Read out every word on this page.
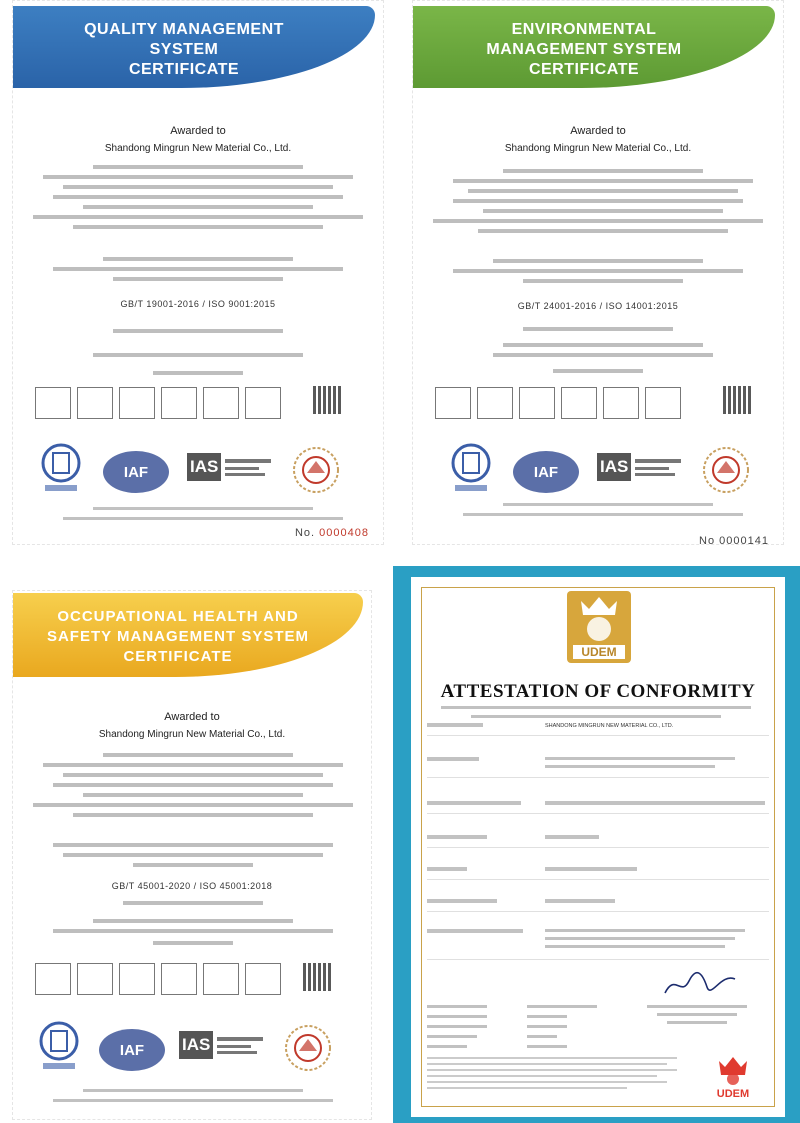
QUALITY MANAGEMENT
SYSTEM
CERTIFICATE
Awarded to
Shandong Mingrun New Material Co., Ltd.
GB/T 19001-2016 / ISO 9001:2015
IAF	IAS
No. 0000408
ENVIRONMENTAL
MANAGEMENT SYSTEM
CERTIFICATE
Awarded to
Shandong Mingrun New Material Co., Ltd.
GB/T 24001-2016 / ISO 14001:2015
IAF	IAS
No 0000141
OCCUPATIONAL HEALTH AND
SAFETY MANAGEMENT SYSTEM
CERTIFICATE
Awarded to
Shandong Mingrun New Material Co., Ltd.
GB/T 45001-2020 / ISO 45001:2018
IAF	IAS
UDEM
ATTESTATION OF CONFORMITY
SHANDONG MINGRUN NEW MATERIAL CO., LTD.
UDEM
